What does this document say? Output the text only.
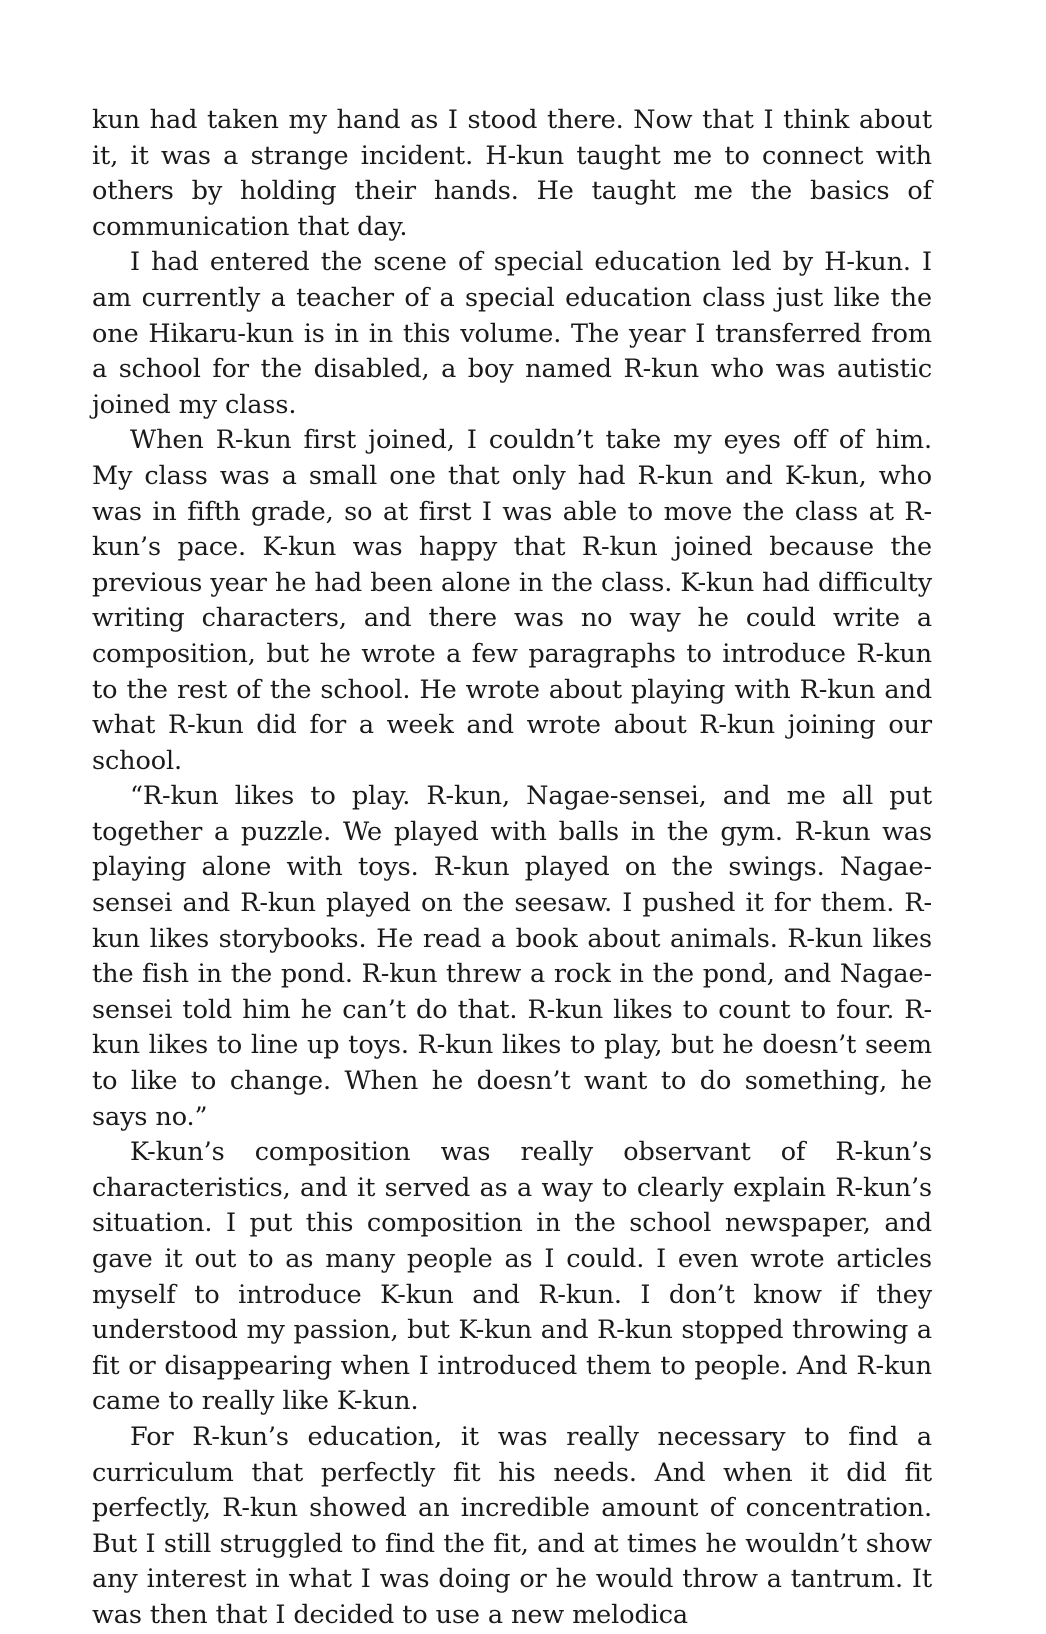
kun had taken my hand as I stood there. Now that I think about it, it was a strange incident. H-kun taught me to connect with others by holding their hands. He taught me the basics of communication that day.

I had entered the scene of special education led by H-kun. I am currently a teacher of a special education class just like the one Hikaru-kun is in in this volume. The year I transferred from a school for the disabled, a boy named R-kun who was autistic joined my class.

When R-kun first joined, I couldn’t take my eyes off of him. My class was a small one that only had R-kun and K-kun, who was in fifth grade, so at first I was able to move the class at R-kun’s pace. K-kun was happy that R-kun joined because the previous year he had been alone in the class. K-kun had difficulty writing characters, and there was no way he could write a composition, but he wrote a few paragraphs to introduce R-kun to the rest of the school. He wrote about playing with R-kun and what R-kun did for a week and wrote about R-kun joining our school.

“R-kun likes to play. R-kun, Nagae-sensei, and me all put together a puzzle. We played with balls in the gym. R-kun was playing alone with toys. R-kun played on the swings. Nagae-sensei and R-kun played on the seesaw. I pushed it for them. R-kun likes storybooks. He read a book about animals. R-kun likes the fish in the pond. R-kun threw a rock in the pond, and Nagae-sensei told him he can’t do that. R-kun likes to count to four. R-kun likes to line up toys. R-kun likes to play, but he doesn’t seem to like to change. When he doesn’t want to do something, he says no.”

K-kun’s composition was really observant of R-kun’s characteristics, and it served as a way to clearly explain R-kun’s situation. I put this composition in the school newspaper, and gave it out to as many people as I could. I even wrote articles myself to introduce K-kun and R-kun. I don’t know if they understood my passion, but K-kun and R-kun stopped throwing a fit or disappearing when I introduced them to people. And R-kun came to really like K-kun.

For R-kun’s education, it was really necessary to find a curriculum that perfectly fit his needs. And when it did fit perfectly, R-kun showed an incredible amount of concentration. But I still struggled to find the fit, and at times he wouldn’t show any interest in what I was doing or he would throw a tantrum. It was then that I decided to use a new melodica
